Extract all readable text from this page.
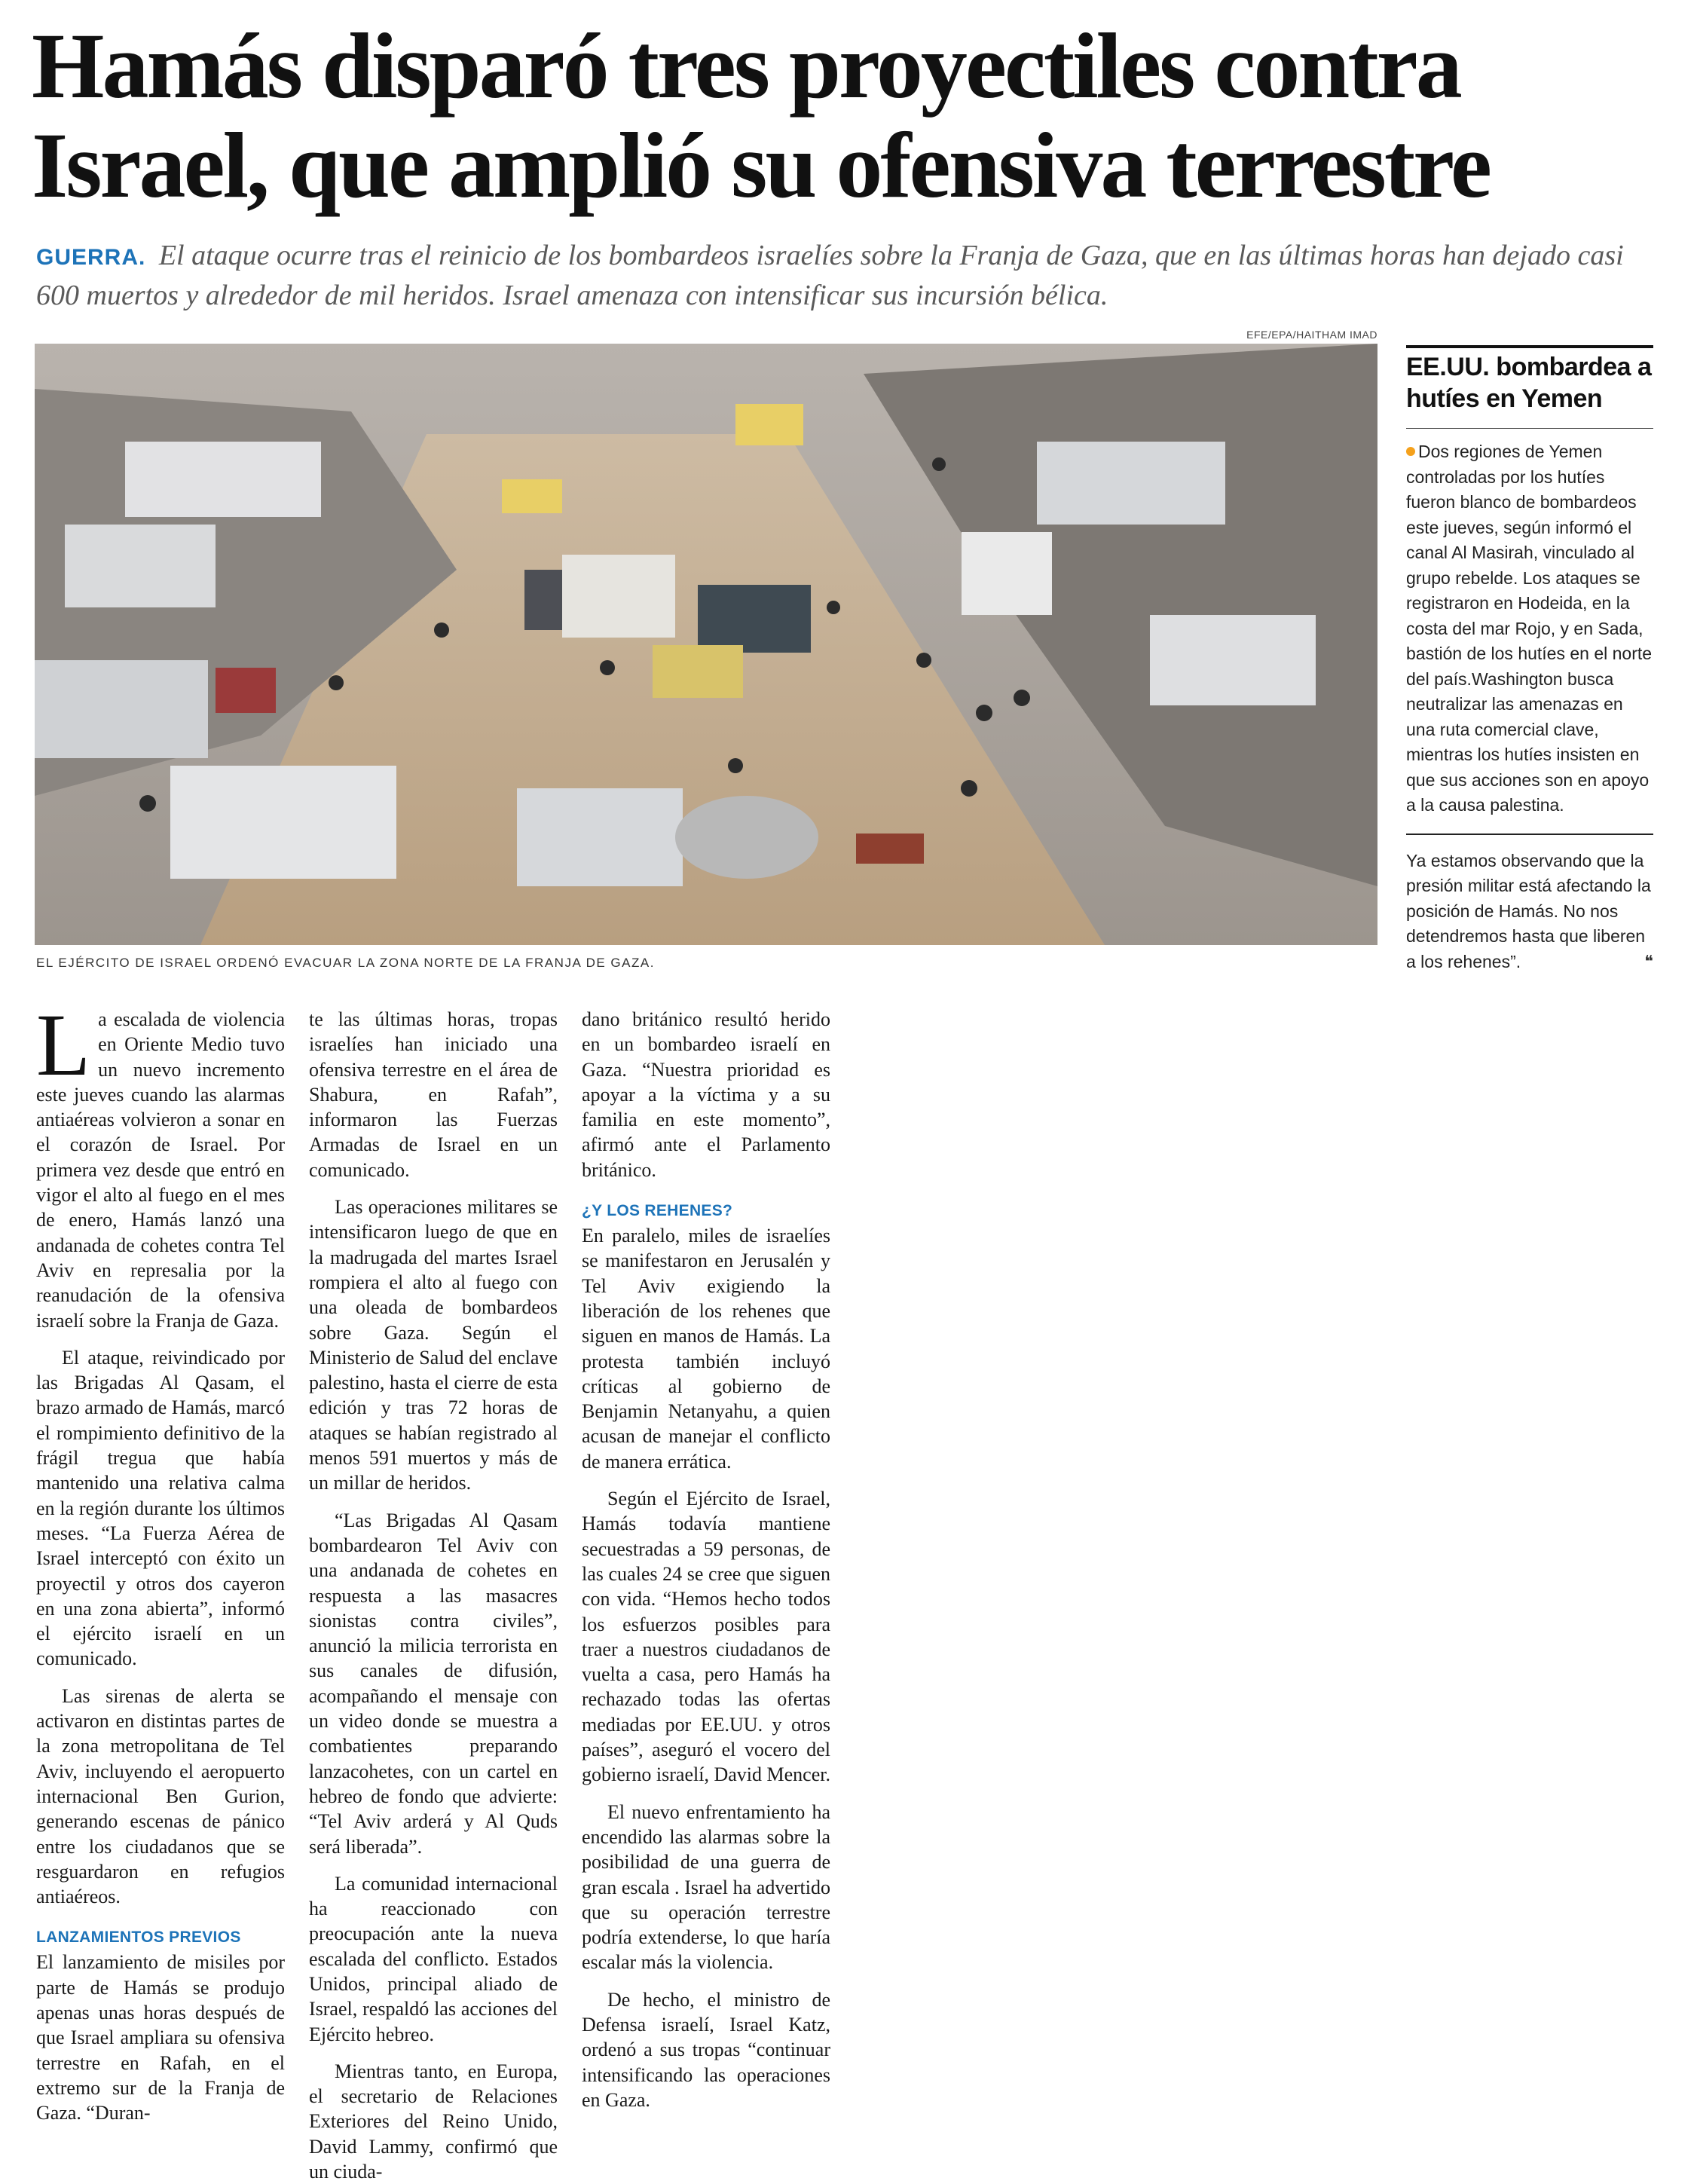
Hamás disparó tres proyectiles contra Israel, que amplió su ofensiva terrestre
GUERRA. El ataque ocurre tras el reinicio de los bombardeos israelíes sobre la Franja de Gaza, que en las últimas horas han dejado casi 600 muertos y alrededor de mil heridos. Israel amenaza con intensificar sus incursión bélica.
EFE/EPA/HAITHAM IMAD
EL EJÉRCITO DE ISRAEL ORDENÓ EVACUAR LA ZONA NORTE DE LA FRANJA DE GAZA.
EE.UU. bombardea a hutíes en Yemen
Dos regiones de Yemen controladas por los hutíes fueron blanco de bombardeos este jueves, según informó el canal Al Masirah, vinculado al grupo rebelde. Los ataques se registraron en Hodeida, en la costa del mar Rojo, y en Sada, bastión de los hutíes en el norte del país.Washington busca neutralizar las amenazas en una ruta comercial clave, mientras los hutíes insisten en que sus acciones son en apoyo a la causa palestina.
Ya estamos observando que la presión militar está afectando la posición de Hamás. No nos detendremos hasta que liberen a los rehenes”.	❝

La escalada de violencia en Oriente Medio tuvo un nuevo incremento este jueves cuando las alarmas antiaéreas volvieron a sonar en el corazón de Israel. Por primera vez desde que entró en vigor el alto al fuego en el mes de enero, Hamás lanzó una andanada de cohetes contra Tel Aviv en represalia por la reanudación de la ofensiva israelí sobre la Franja de Gaza.

El ataque, reivindicado por las Brigadas Al Qasam, el brazo armado de Hamás, marcó el rompimiento definitivo de la frágil tregua que había mantenido una relativa calma en la región durante los últimos meses. “La Fuerza Aérea de Israel interceptó con éxito un proyectil y otros dos cayeron en una zona abierta”, informó el ejército israelí en un comunicado.

Las sirenas de alerta se activaron en distintas partes de la zona metropolitana de Tel Aviv, incluyendo el aeropuerto internacional Ben Gurion, generando escenas de pánico entre los ciudadanos que se resguardaron en refugios antiaéreos.

LANZAMIENTOS PREVIOS

El lanzamiento de misiles por parte de Hamás se produjo apenas unas horas después de que Israel ampliara su ofensiva terrestre en Rafah, en el extremo sur de la Franja de Gaza. “Duran-

te las últimas horas, tropas israelíes han iniciado una ofensiva terrestre en el área de Shabura, en Rafah”, informaron las Fuerzas Armadas de Israel en un comunicado.

Las operaciones militares se intensificaron luego de que en la madrugada del martes Israel rompiera el alto al fuego con una oleada de bombardeos sobre Gaza. Según el Ministerio de Salud del enclave palestino, hasta el cierre de esta edición y tras 72 horas de ataques se habían registrado al menos 591 muertos y más de un millar de heridos.

“Las Brigadas Al Qasam bombardearon Tel Aviv con una andanada de cohetes en respuesta a las masacres sionistas contra civiles”, anunció la milicia terrorista en sus canales de difusión, acompañando el mensaje con un video donde se muestra a combatientes preparando lanzacohetes, con un cartel en hebreo de fondo que advierte: “Tel Aviv arderá y Al Quds será liberada”.

La comunidad internacional ha reaccionado con preocupación ante la nueva escalada del conflicto. Estados Unidos, principal aliado de Israel, respaldó las acciones del Ejército hebreo.

Mientras tanto, en Europa, el secretario de Relaciones Exteriores del Reino Unido, David Lammy, confirmó que un ciuda-

dano británico resultó herido en un bombardeo israelí en Gaza. “Nuestra prioridad es apoyar a la víctima y a su familia en este momento”, afirmó ante el Parlamento británico.

¿Y LOS REHENES?

En paralelo, miles de israelíes se manifestaron en Jerusalén y Tel Aviv exigiendo la liberación de los rehenes que siguen en manos de Hamás. La protesta también incluyó críticas al gobierno de Benjamin Netanyahu, a quien acusan de manejar el conflicto de manera errática.

Según el Ejército de Israel, Hamás todavía mantiene secuestradas a 59 personas, de las cuales 24 se cree que siguen con vida. “Hemos hecho todos los esfuerzos posibles para traer a nuestros ciudadanos de vuelta a casa, pero Hamás ha rechazado todas las ofertas mediadas por EE.UU. y otros países”, aseguró el vocero del gobierno israelí, David Mencer.

El nuevo enfrentamiento ha encendido las alarmas sobre la posibilidad de una guerra de gran escala . Israel ha advertido que su operación terrestre podría extenderse, lo que haría escalar más la violencia.

De hecho, el ministro de Defensa israelí, Israel Katz, ordenó a sus tropas “continuar intensificando las operaciones en Gaza.
